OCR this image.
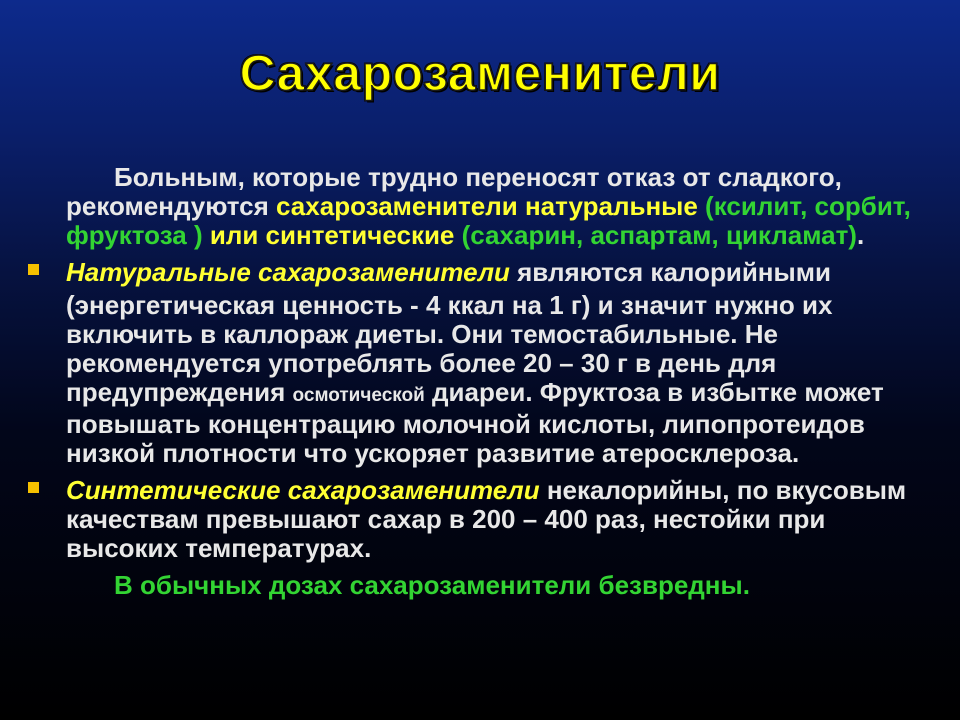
Сахарозаменители

Больным, которые трудно переносят отказ от сладкого, рекомендуются сахарозаменители натуральные (ксилит, сорбит, фруктоза ) или синтетические (сахарин, аспартам, цикламат).

Натуральные сахарозаменители являются калорийными
(энергетическая ценность - 4 ккал на 1 г) и значит нужно их включить в каллораж диеты. Они темостабильные. Не рекомендуется употреблять более 20 – 30 г в день для предупреждения осмотической диареи. Фруктоза в избытке может повышать концентрацию молочной кислоты, липопротеидов низкой плотности что ускоряет развитие атеросклероза.
Синтетические сахарозаменители некалорийны, по вкусовым качествам превышают сахар в 200 – 400 раз, нестойки при высоких температурах.

В обычных дозах сахарозаменители безвредны.
